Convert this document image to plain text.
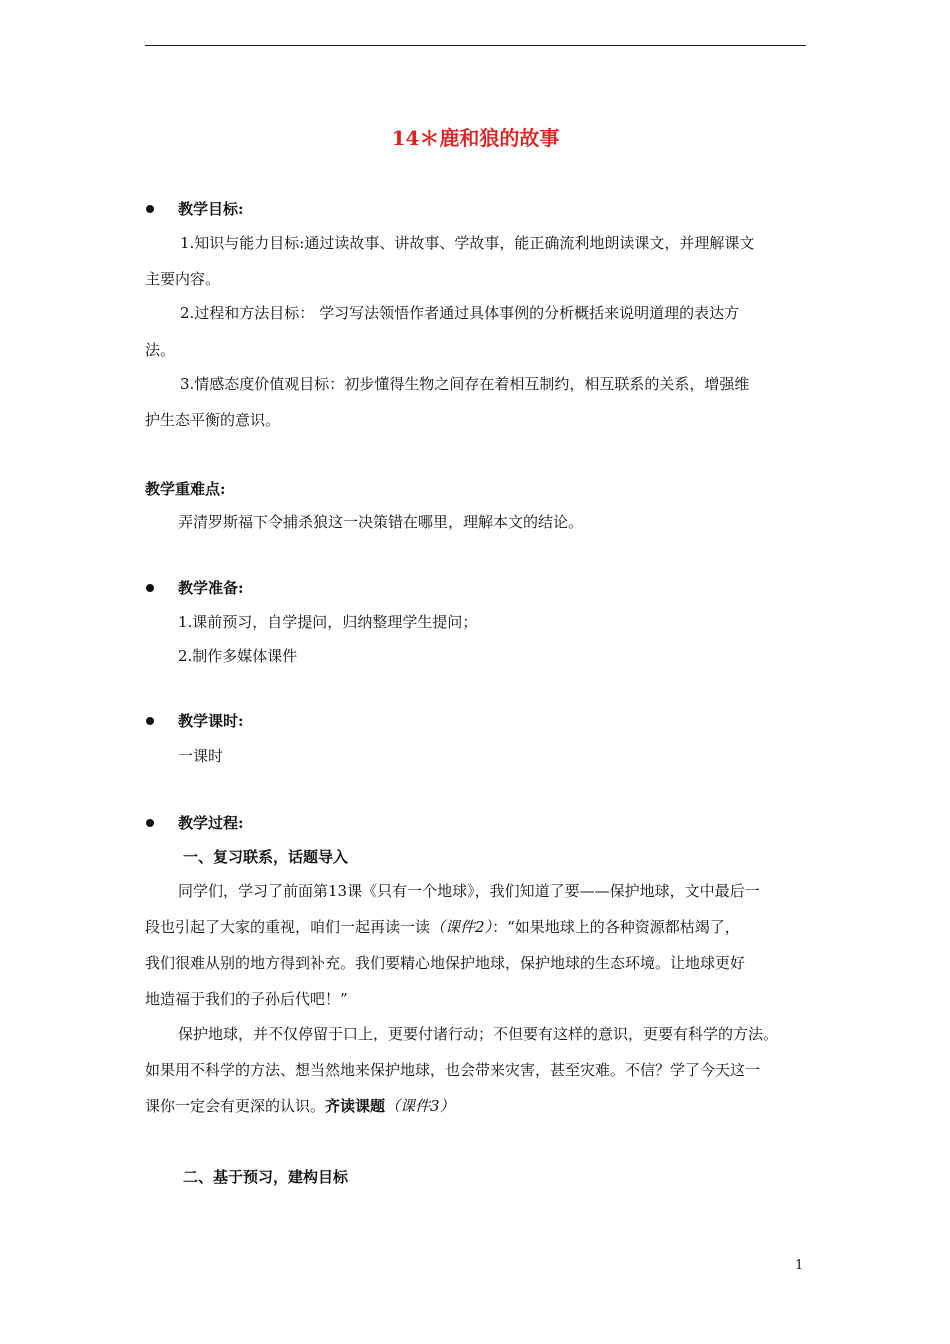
14＊鹿和狼的故事
教学目标:
1.知识与能力目标:通过读故事、讲故事、学故事，能正确流利地朗读课文，并理解课文
主要内容。
2.过程和方法目标： 学习写法领悟作者通过具体事例的分析概括来说明道理的表达方
法。
3.情感态度价值观目标：初步懂得生物之间存在着相互制约，相互联系的关系，增强维
护生态平衡的意识。
教学重难点:
弄清罗斯福下令捕杀狼这一决策错在哪里，理解本文的结论。
教学准备:
1.课前预习，自学提问，归纳整理学生提问；
2.制作多媒体课件
教学课时:
一课时
教学过程:
一、复习联系，话题导入
同学们，学习了前面第13课《只有一个地球》，我们知道了要——保护地球，文中最后一
段也引起了大家的重视，咱们一起再读一读（课件2）：“如果地球上的各种资源都枯竭了，
我们很难从别的地方得到补充。我们要精心地保护地球，保护地球的生态环境。让地球更好
地造福于我们的子孙后代吧！”
保护地球，并不仅停留于口上，更要付诸行动；不但要有这样的意识，更要有科学的方法。
如果用不科学的方法、想当然地来保护地球，也会带来灾害，甚至灾难。不信？学了今天这一
课你一定会有更深的认识。齐读课题（课件3）
二、基于预习，建构目标
1
